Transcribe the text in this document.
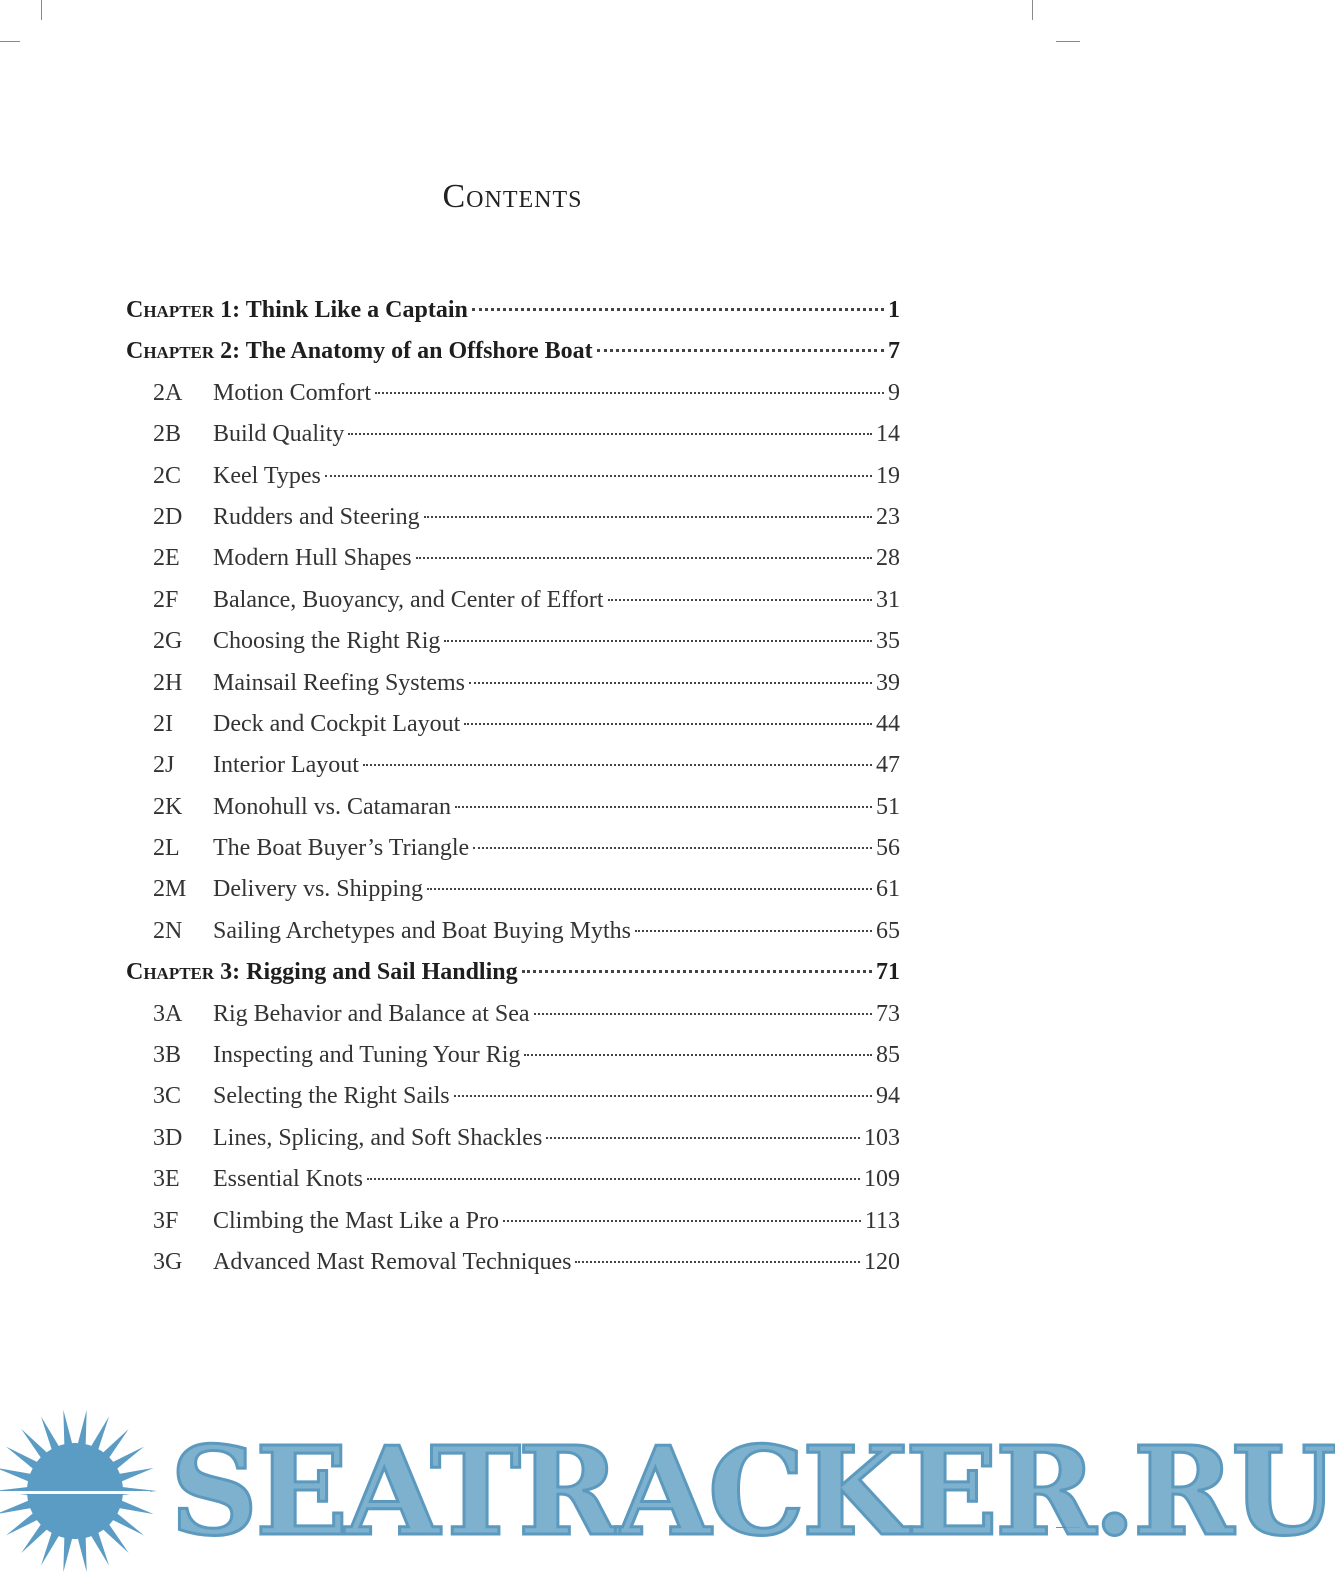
Contents
Chapter 1: Think Like a Captain	1
Chapter 2: The Anatomy of an Offshore Boat	7
2A	Motion Comfort	9
2B	Build Quality	14
2C	Keel Types	19
2D	Rudders and Steering	23
2E	Modern Hull Shapes	28
2F	Balance, Buoyancy, and Center of Effort	31
2G	Choosing the Right Rig	35
2H	Mainsail Reefing Systems	39
2I	Deck and Cockpit Layout	44
2J	Interior Layout	47
2K	Monohull vs. Catamaran	51
2L	The Boat Buyer’s Triangle	56
2M	Delivery vs. Shipping	61
2N	Sailing Archetypes and Boat Buying Myths	65
Chapter 3: Rigging and Sail Handling	71
3A	Rig Behavior and Balance at Sea	73
3B	Inspecting and Tuning Your Rig	85
3C	Selecting the Right Sails	94
3D	Lines, Splicing, and Soft Shackles	103
3E	Essential Knots	109
3F	Climbing the Mast Like a Pro	113
3G	Advanced Mast Removal Techniques	120
SEATRACKER.RU
